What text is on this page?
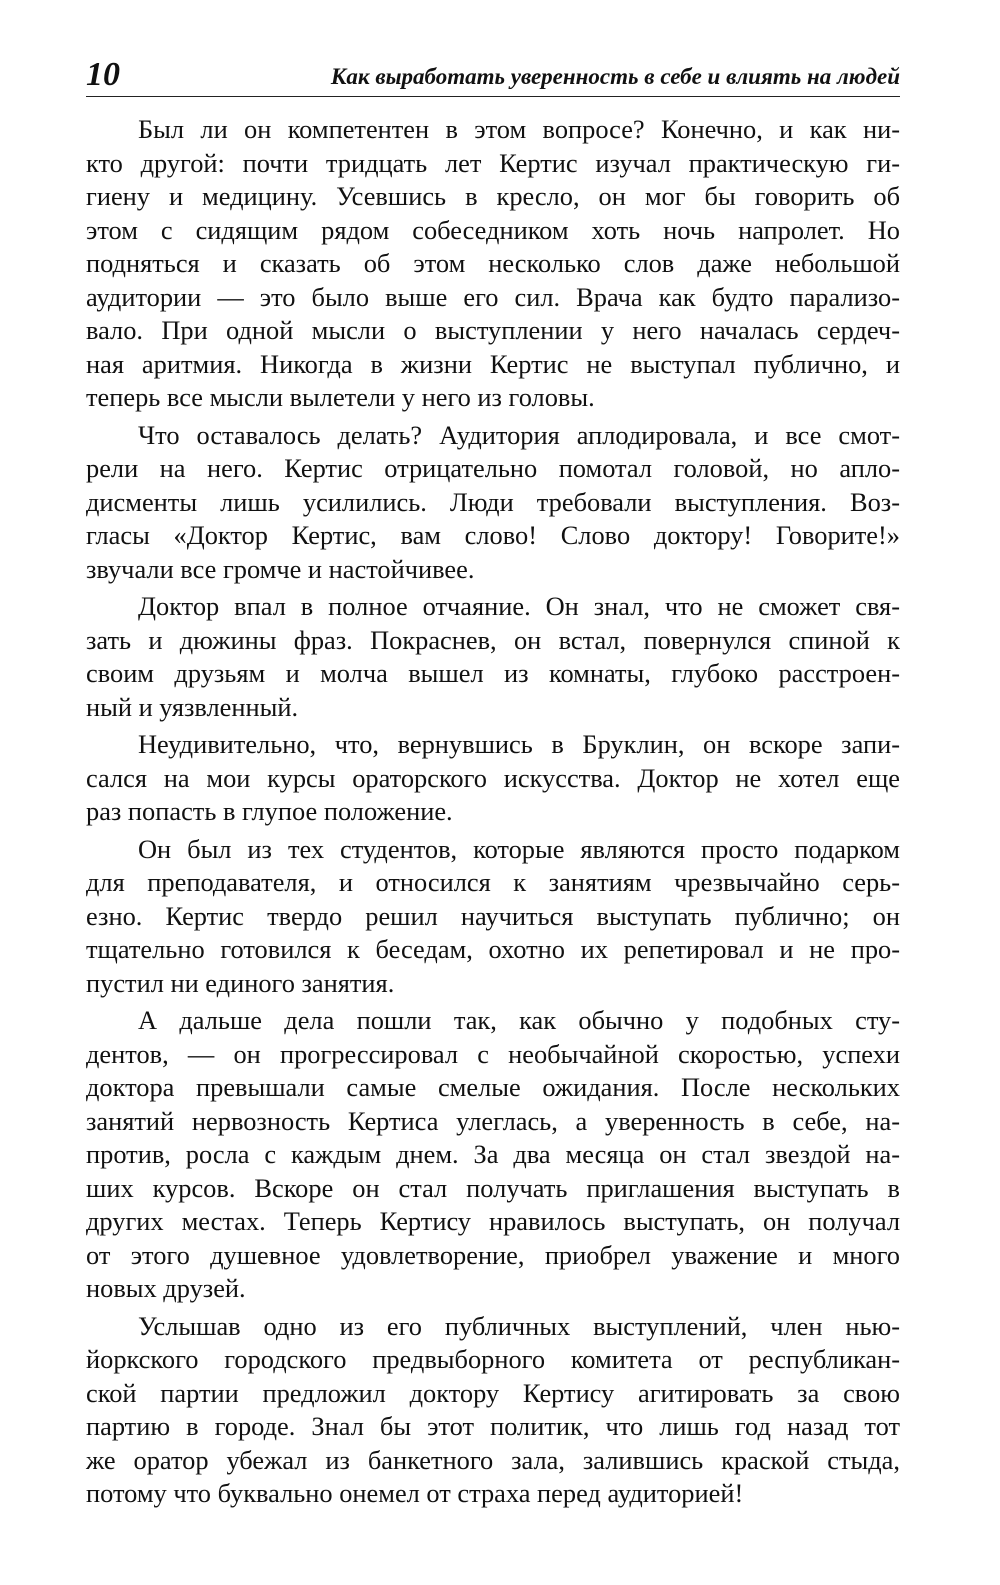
10	Как выработать уверенность в себе и влиять на людей
Был ли он компетентен в этом вопросе? Конечно, и как ни-
кто другой: почти тридцать лет Кертис изучал практическую ги-
гиену и медицину. Усевшись в кресло, он мог бы говорить об
этом с сидящим рядом собеседником хоть ночь напролет. Но
подняться и сказать об этом несколько слов даже небольшой
аудитории — это было выше его сил. Врача как будто парализо-
вало. При одной мысли о выступлении у него началась сердеч-
ная аритмия. Никогда в жизни Кертис не выступал публично, и
теперь все мысли вылетели у него из головы.
Что оставалось делать? Аудитория аплодировала, и все смот-
рели на него. Кертис отрицательно помотал головой, но апло-
дисменты лишь усилились. Люди требовали выступления. Воз-
гласы «Доктор Кертис, вам слово! Слово доктору! Говорите!»
звучали все громче и настойчивее.
Доктор впал в полное отчаяние. Он знал, что не сможет свя-
зать и дюжины фраз. Покраснев, он встал, повернулся спиной к
своим друзьям и молча вышел из комнаты, глубоко расстроен-
ный и уязвленный.
Неудивительно, что, вернувшись в Бруклин, он вскоре запи-
сался на мои курсы ораторского искусства. Доктор не хотел еще
раз попасть в глупое положение.
Он был из тех студентов, которые являются просто подарком
для преподавателя, и относился к занятиям чрезвычайно серь-
езно. Кертис твердо решил научиться выступать публично; он
тщательно готовился к беседам, охотно их репетировал и не про-
пустил ни единого занятия.
А дальше дела пошли так, как обычно у подобных сту-
дентов, — он прогрессировал с необычайной скоростью, успехи
доктора превышали самые смелые ожидания. После нескольких
занятий нервозность Кертиса улеглась, а уверенность в себе, на-
против, росла с каждым днем. За два месяца он стал звездой на-
ших курсов. Вскоре он стал получать приглашения выступать в
других местах. Теперь Кертису нравилось выступать, он получал
от этого душевное удовлетворение, приобрел уважение и много
новых друзей.
Услышав одно из его публичных выступлений, член нью-
йоркского городского предвыборного комитета от республикан-
ской партии предложил доктору Кертису агитировать за свою
партию в городе. Знал бы этот политик, что лишь год назад тот
же оратор убежал из банкетного зала, залившись краской стыда,
потому что буквально онемел от страха перед аудиторией!
